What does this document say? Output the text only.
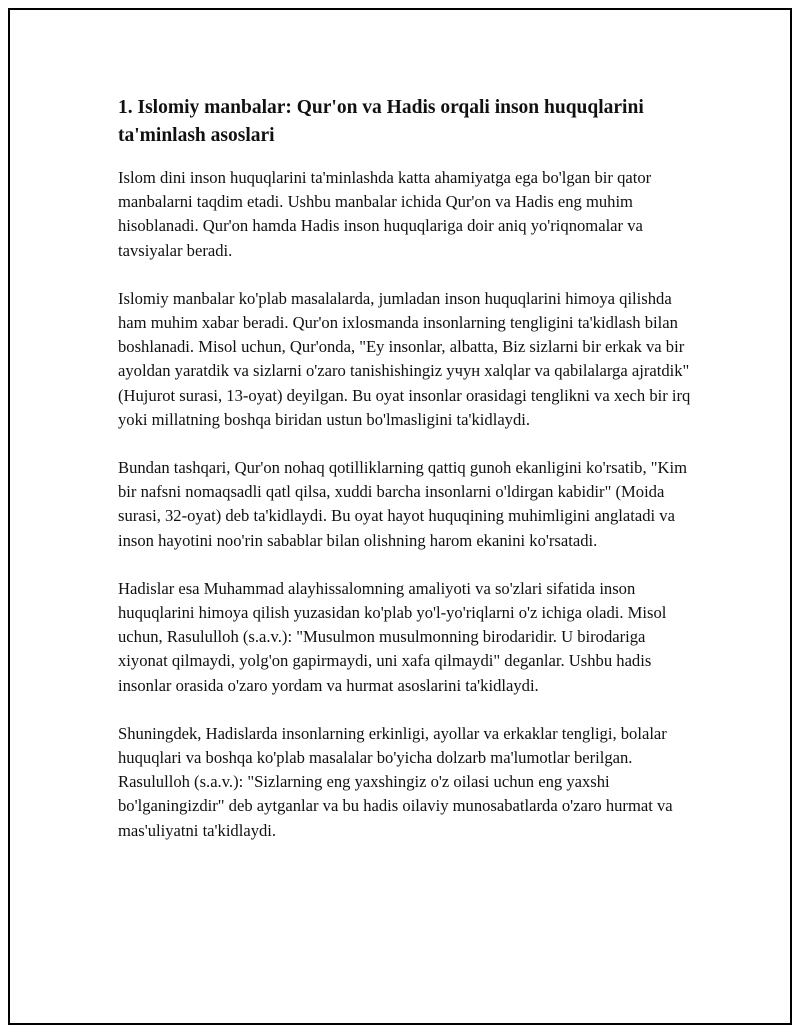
1. Islomiy manbalar: Qur'on va Hadis orqali inson huquqlarini ta'minlash asoslari

Islom dini inson huquqlarini ta'minlashda katta ahamiyatga ega bo'lgan bir qator manbalarni taqdim etadi. Ushbu manbalar ichida Qur'on va Hadis eng muhim hisoblanadi. Qur'on hamda Hadis inson huquqlariga doir aniq yo'riqnomalar va tavsiyalar beradi.

Islomiy manbalar ko'plab masalalarda, jumladan inson huquqlarini himoya qilishda ham muhim xabar beradi. Qur'on ixlosmanda insonlarning tengligini ta'kidlash bilan boshlanadi. Misol uchun, Qur'onda, "Ey insonlar, albatta, Biz sizlarni bir erkak va bir ayoldan yaratdik va sizlarni o'zaro tanishishingiz учун xalqlar va qabilalarga ajratdik" (Hujurot surasi, 13-oyat) deyilgan. Bu oyat insonlar orasidagi tenglikni va xech bir irq yoki millatning boshqa biridan ustun bo'lmasligini ta'kidlaydi.

Bundan tashqari, Qur'on nohaq qotilliklarning qattiq gunoh ekanligini ko'rsatib, "Kim bir nafsni nomaqsadli qatl qilsa, xuddi barcha insonlarni o'ldirgan kabidir" (Moida surasi, 32-oyat) deb ta'kidlaydi. Bu oyat hayot huquqining muhimligini anglatadi va inson hayotini noo'rin sabablar bilan olishning harom ekanini ko'rsatadi.

Hadislar esa Muhammad alayhissalomning amaliyoti va so'zlari sifatida inson huquqlarini himoya qilish yuzasidan ko'plab yo'l-yo'riqlarni o'z ichiga oladi. Misol uchun, Rasululloh (s.a.v.): "Musulmon musulmonning birodaridir. U birodariga xiyonat qilmaydi, yolg'on gapirmaydi, uni xafa qilmaydi" deganlar. Ushbu hadis insonlar orasida o'zaro yordam va hurmat asoslarini ta'kidlaydi.

Shuningdek, Hadislarda insonlarning erkinligi, ayollar va erkaklar tengligi, bolalar huquqlari va boshqa ko'plab masalalar bo'yicha dolzarb ma'lumotlar berilgan. Rasululloh (s.a.v.): "Sizlarning eng yaxshingiz o'z oilasi uchun eng yaxshi bo'lganingizdir" deb aytganlar va bu hadis oilaviy munosabatlarda o'zaro hurmat va mas'uliyatni ta'kidlaydi.
